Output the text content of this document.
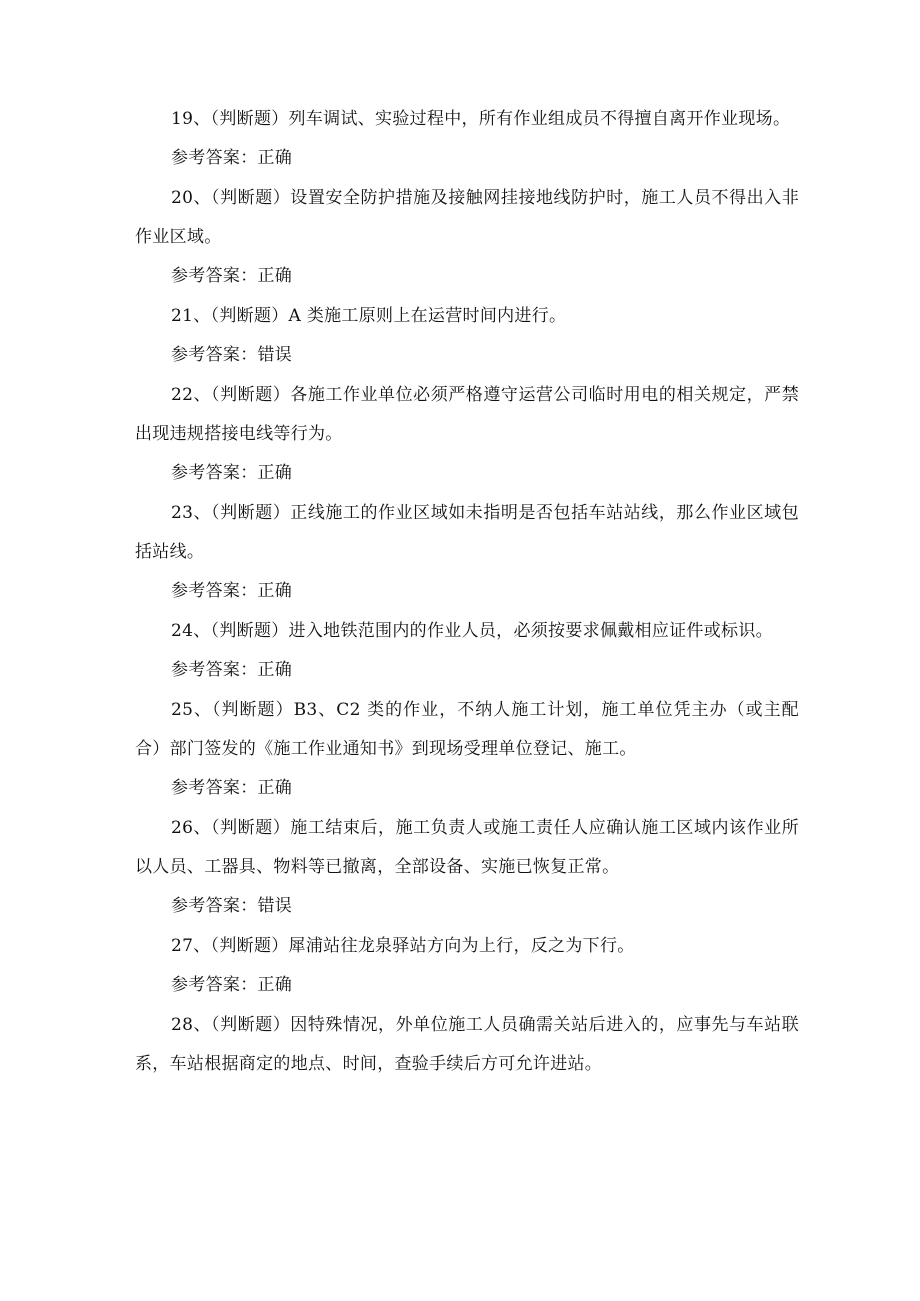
19、（判断题）列车调试、实验过程中，所有作业组成员不得擅自离开作业现场。

参考答案：正确

20、（判断题）设置安全防护措施及接触网挂接地线防护时，施工人员不得出入非作业区域。

参考答案：正确

21、（判断题）A 类施工原则上在运营时间内进行。

参考答案：错误

22、（判断题）各施工作业单位必须严格遵守运营公司临时用电的相关规定，严禁出现违规搭接电线等行为。

参考答案：正确

23、（判断题）正线施工的作业区域如未指明是否包括车站站线，那么作业区域包括站线。

参考答案：正确

24、（判断题）进入地铁范围内的作业人员，必须按要求佩戴相应证件或标识。

参考答案：正确

25、（判断题）B3、C2 类的作业，不纳人施工计划，施工单位凭主办（或主配合）部门签发的《施工作业通知书》到现场受理单位登记、施工。

参考答案：正确

26、（判断题）施工结束后，施工负责人或施工责任人应确认施工区域内该作业所以人员、工器具、物料等已撤离，全部设备、实施已恢复正常。

参考答案：错误

27、（判断题）犀浦站往龙泉驿站方向为上行，反之为下行。

参考答案：正确

28、（判断题）因特殊情况，外单位施工人员确需关站后进入的，应事先与车站联系，车站根据商定的地点、时间，查验手续后方可允许进站。
